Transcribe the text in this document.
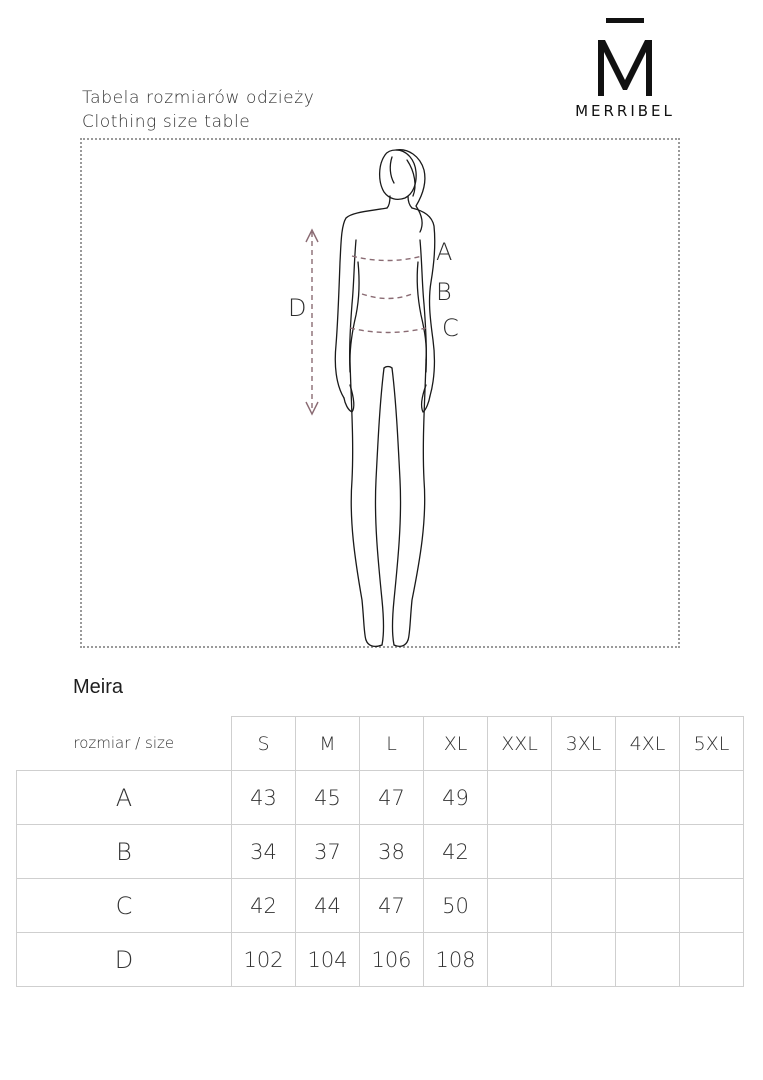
MERRIBEL
Tabela rozmiarów odzieży
Clothing size table
A
B
C
D
Meira
rozmiar / size	S	M	L	XL	XXL	3XL	4XL	5XL
A	43	45	47	49				
B	34	37	38	42				
C	42	44	47	50				
D	102	104	106	108				
